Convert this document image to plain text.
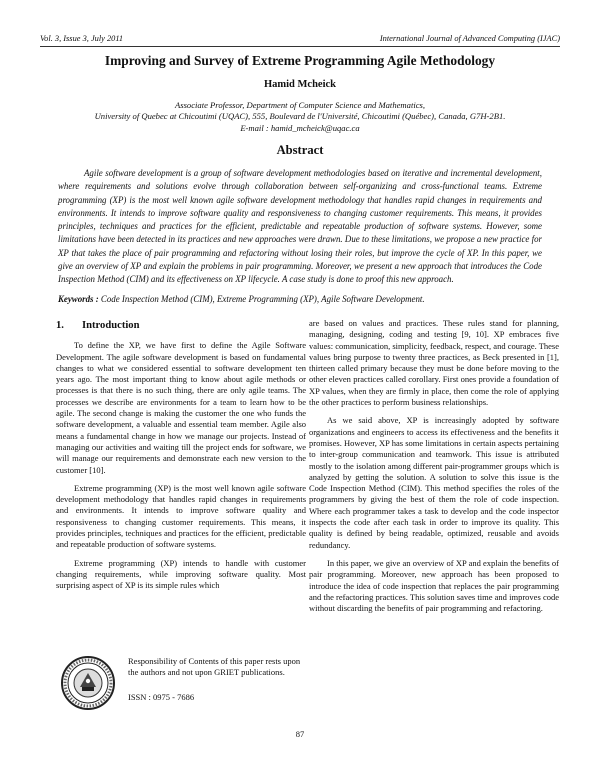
Vol. 3, Issue 3, July 2011	International Journal of Advanced Computing (IJAC)
Improving and Survey of Extreme Programming Agile Methodology
Hamid Mcheick
Associate Professor, Department of Computer Science and Mathematics,
University of Quebec at Chicoutimi (UQAC), 555, Boulevard de l'Université, Chicoutimi (Québec), Canada, G7H-2B1.
E-mail : hamid_mcheick@uqac.ca
Abstract

Agile software development is a group of software development methodologies based on iterative and incremental development, where requirements and solutions evolve through collaboration between self-organizing and cross-functional teams. Extreme programming (XP) is the most well known agile software development methodology that handles rapid changes in requirements and environments. It intends to improve software quality and responsiveness to changing customer requirements. This means, it provides principles, techniques and practices for the efficient, predictable and repeatable production of software systems. However, some limitations have been detected in its practices and new approaches were drawn. Due to these limitations, we propose a new practice for XP that takes the place of pair programming and refactoring without losing their roles, but improve the cycle of XP. In this paper, we give an overview of XP and explain the problems in pair programming. Moreover, we present a new approach that introduces the Code Inspection Method (CIM) and its effectiveness on XP lifecycle. A case study is done to proof this new approach.

Keywords : Code Inspection Method (CIM), Extreme Programming (XP), Agile Software Development.

1. Introduction

To define the XP, we have first to define the Agile Software Development. The agile software development is based on fundamental changes to what we considered essential to software development ten years ago. The most important thing to know about agile methods or processes is that there is no such thing, there are only agile teams. The processes we describe are environments for a team to learn how to be agile. The second change is making the customer the one who funds the software development, a valuable and essential team member. Agile also means a fundamental change in how we manage our projects. Instead of managing our activities and waiting till the project ends for software, we will manage our requirements and demonstrate each new version to the customer [10].

Extreme programming (XP) is the most well known agile software development methodology that handles rapid changes in requirements and environments. It intends to improve software quality and responsiveness to changing customer requirements. This means, it provides principles, techniques and practices for the efficient, predictable and repeatable production of software systems.

Extreme programming (XP) intends to handle with customer changing requirements, while improving software quality. Most surprising aspect of XP is its simple rules which

are based on values and practices. These rules stand for planning, managing, designing, coding and testing [9, 10]. XP embraces five values: communication, simplicity, feedback, respect, and courage. These values bring purpose to twenty three practices, as Beck presented in [1], thirteen called primary because they must be done before moving to the other eleven practices called corollary. First ones provide a foundation of XP values, when they are firmly in place, then come the role of applying the other practices to perform business relationships.

As we said above, XP is increasingly adopted by software organizations and engineers to access its effectiveness and the benefits it promises. However, XP has some limitations in certain aspects pertaining to inter-group communication and teamwork. This issue is attributed mostly to the isolation among different pair-programmer groups which is analyzed by getting the solution. A solution to solve this issue is the Code Inspection Method (CIM). This method specifies the roles of the programmers by giving the best of them the role of code inspection. Where each programmer takes a task to develop and the code inspector inspects the code after each task in order to improve its quality. This quality is defined by being readable, optimized, reusable and avoids redundancy.

In this paper, we give an overview of XP and explain the benefits of pair programming. Moreover, new approach has been proposed to introduce the idea of code inspection that replaces the pair programming and the refactoring practices. This solution saves time and improves code without discarding the benefits of pair programming and refactoring.

Responsibility of Contents of this paper rests upon the authors and not upon GRIET publications.
ISSN : 0975 - 7686
87
